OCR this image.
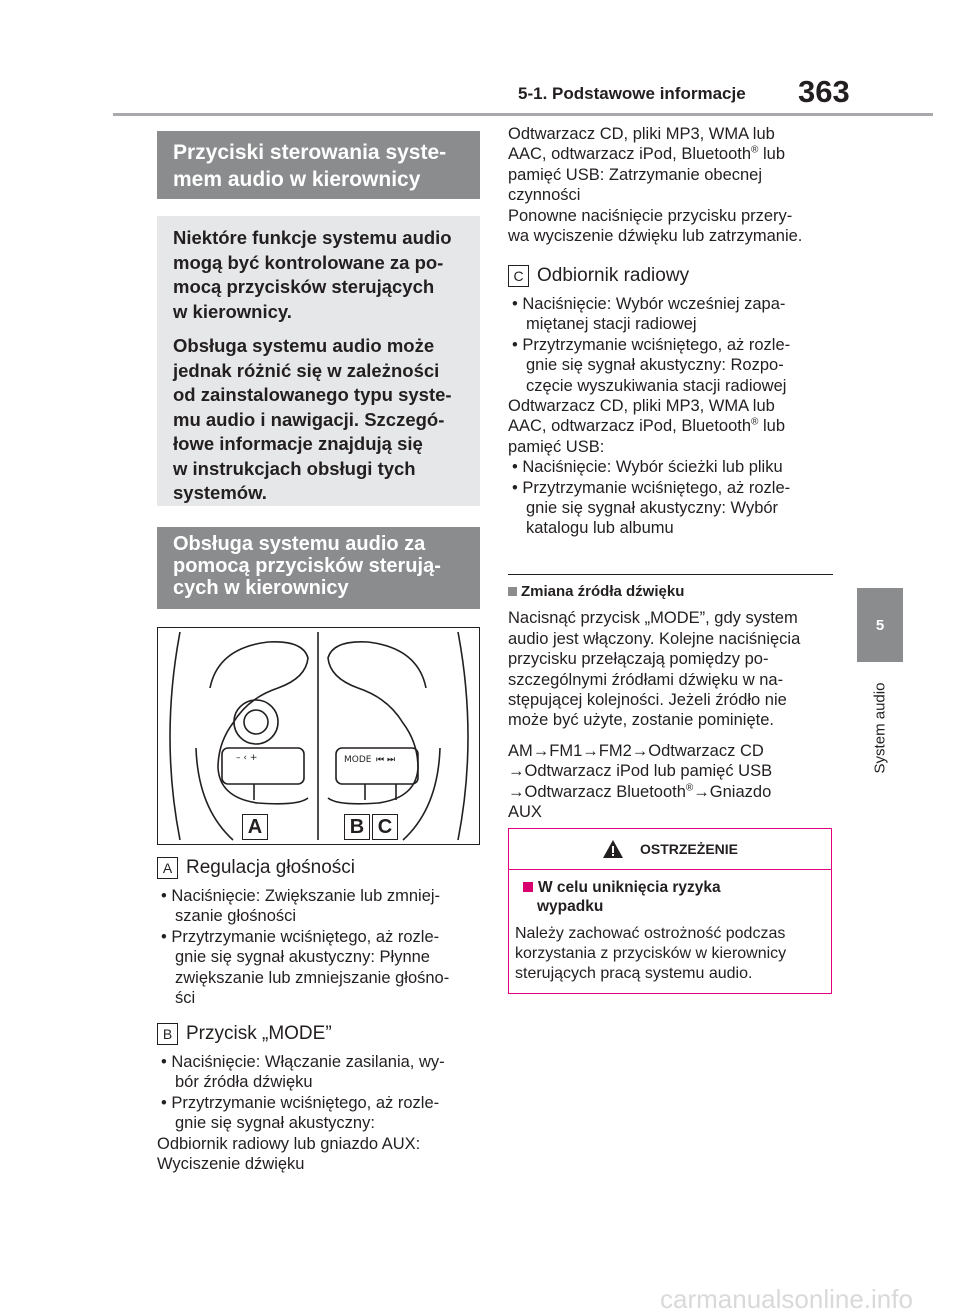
5-1. Podstawowe informacje 363
5
System audio
Przyciski sterowania syste-
mem audio w kierownicy

Niektóre funkcje systemu audio
mogą być kontrolowane za po-
mocą przycisków sterujących
w kierownicy.

Obsługa systemu audio może
jednak różnić się w zależności
od zainstalowanego typu syste-
mu audio i nawigacji. Szczegó-
łowe informacje znajdują się
w instrukcjach obsługi tych
systemów.

Obsługa systemu audio za
pomocą przycisków sterują-
cych w kierownicy
– ‹ +	MODE ⏮ ⏭
A	B C
A Regulacja głośności

• Naciśnięcie: Zwiększanie lub zmniej-
szanie głośności

• Przytrzymanie wciśniętego, aż rozle-
gnie się sygnał akustyczny: Płynne
zwiększanie lub zmniejszanie głośno-
ści

B Przycisk „MODE”

• Naciśnięcie: Włączanie zasilania, wy-
bór źródła dźwięku

• Przytrzymanie wciśniętego, aż rozle-
gnie się sygnał akustyczny:

Odbiornik radiowy lub gniazdo AUX:

Wyciszenie dźwięku

Odtwarzacz CD, pliki MP3, WMA lub

AAC, odtwarzacz iPod, Bluetooth® lub

pamięć USB: Zatrzymanie obecnej

czynności

Ponowne naciśnięcie przycisku przery-

wa wyciszenie dźwięku lub zatrzymanie.

C Odbiornik radiowy

• Naciśnięcie: Wybór wcześniej zapa-
miętanej stacji radiowej

• Przytrzymanie wciśniętego, aż rozle-
gnie się sygnał akustyczny: Rozpo-
częcie wyszukiwania stacji radiowej

Odtwarzacz CD, pliki MP3, WMA lub

AAC, odtwarzacz iPod, Bluetooth® lub

pamięć USB:

• Naciśnięcie: Wybór ścieżki lub pliku

• Przytrzymanie wciśniętego, aż rozle-
gnie się sygnał akustyczny: Wybór
katalogu lub albumu

Zmiana źródła dźwięku

Nacisnąć przycisk „MODE”, gdy system

audio jest włączony. Kolejne naciśnięcia

przycisku przełączają pomiędzy po-

szczególnymi źródłami dźwięku w na-

stępującej kolejności. Jeżeli źródło nie

może być użyte, zostanie pominięte.

AM→FM1→FM2→Odtwarzacz CD

→Odtwarzacz iPod lub pamięć USB

→Odtwarzacz Bluetooth®→Gniazdo

AUX

OSTRZEŻENIE
W celu uniknięcia ryzyka
wypadku
Należy zachować ostrożność podczas
korzystania z przycisków w kierownicy
sterujących pracą systemu audio.
carmanualsonline.info
